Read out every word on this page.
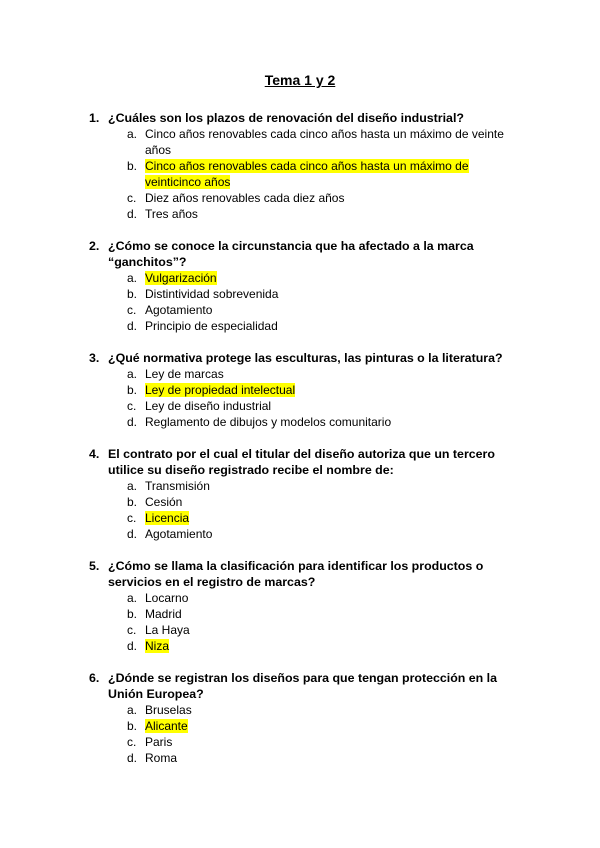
Tema 1 y 2
1. ¿Cuáles son los plazos de renovación del diseño industrial?
a. Cinco años renovables cada cinco años hasta un máximo de veinte años
b. Cinco años renovables cada cinco años hasta un máximo de veinticinco años
c. Diez años renovables cada diez años
d. Tres años
2. ¿Cómo se conoce la circunstancia que ha afectado a la marca “ganchitos”?
a. Vulgarización
b. Distintividad sobrevenida
c. Agotamiento
d. Principio de especialidad
3. ¿Qué normativa protege las esculturas, las pinturas o la literatura?
a. Ley de marcas
b. Ley de propiedad intelectual
c. Ley de diseño industrial
d. Reglamento de dibujos y modelos comunitario
4. El contrato por el cual el titular del diseño autoriza que un tercero utilice su diseño registrado recibe el nombre de:
a. Transmisión
b. Cesión
c. Licencia
d. Agotamiento
5. ¿Cómo se llama la clasificación para identificar los productos o servicios en el registro de marcas?
a. Locarno
b. Madrid
c. La Haya
d. Niza
6. ¿Dónde se registran los diseños para que tengan protección en la Unión Europea?
a. Bruselas
b. Alicante
c. Paris
d. Roma
